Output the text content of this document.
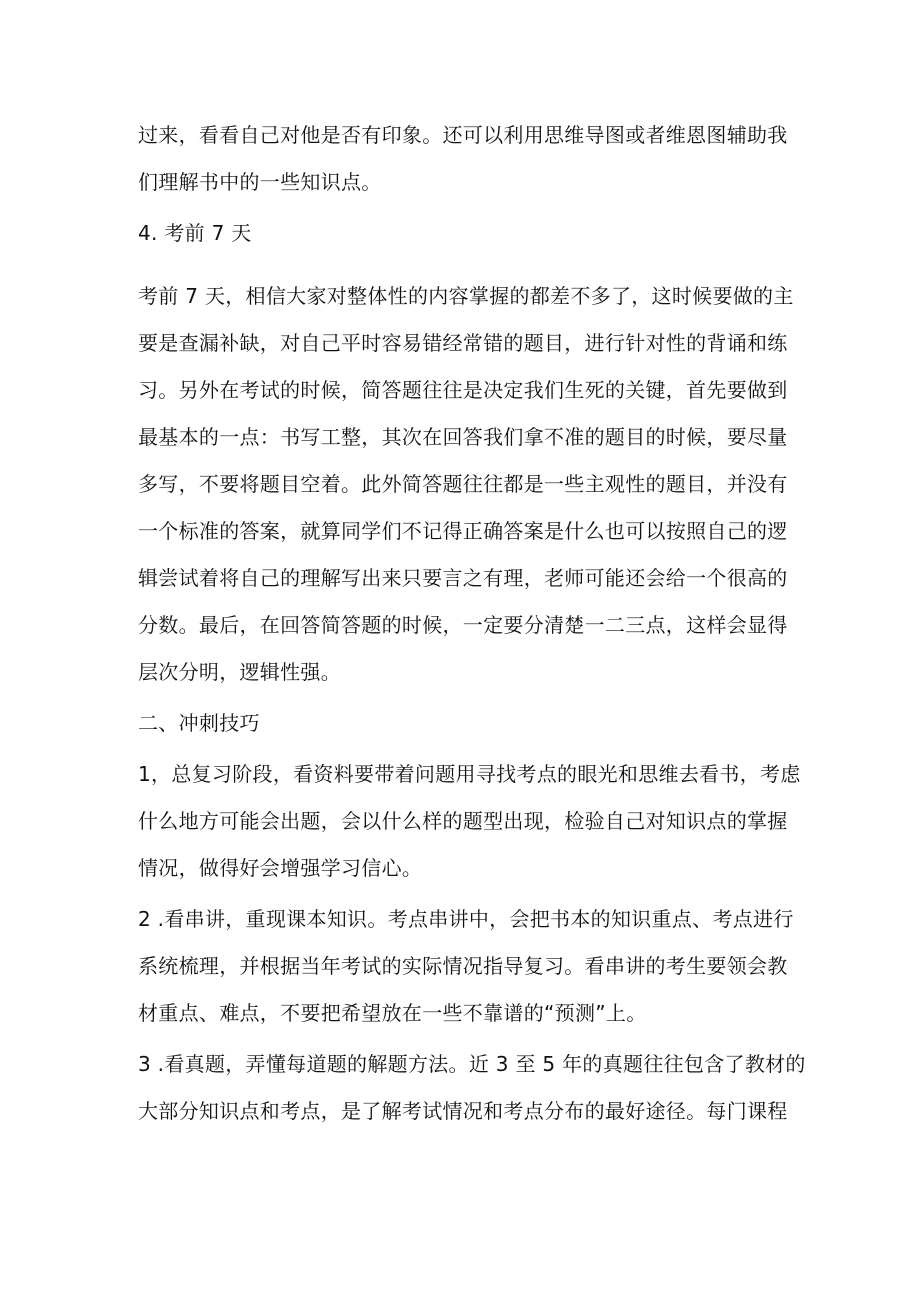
过来，看看自己对他是否有印象。还可以利用思维导图或者维恩图辅助我
们理解书中的一些知识点。
4. 考前 7 天
考前 7 天，相信大家对整体性的内容掌握的都差不多了，这时候要做的主
要是查漏补缺，对自己平时容易错经常错的题目，进行针对性的背诵和练
习。另外在考试的时候，简答题往往是决定我们生死的关键，首先要做到
最基本的一点：书写工整，其次在回答我们拿不准的题目的时候，要尽量
多写，不要将题目空着。此外简答题往往都是一些主观性的题目，并没有
一个标准的答案，就算同学们不记得正确答案是什么也可以按照自己的逻
辑尝试着将自己的理解写出来只要言之有理，老师可能还会给一个很高的
分数。最后，在回答简答题的时候，一定要分清楚一二三点，这样会显得
层次分明，逻辑性强。
二、冲刺技巧
1，总复习阶段，看资料要带着问题用寻找考点的眼光和思维去看书，考虑
什么地方可能会出题，会以什么样的题型出现，检验自己对知识点的掌握
情况，做得好会增强学习信心。
2 .看串讲，重现课本知识。考点串讲中，会把书本的知识重点、考点进行
系统梳理，并根据当年考试的实际情况指导复习。看串讲的考生要领会教
材重点、难点，不要把希望放在一些不靠谱的“预测”上。
3 .看真题，弄懂每道题的解题方法。近 3 至 5 年的真题往往包含了教材的
大部分知识点和考点，是了解考试情况和考点分布的最好途径。每门课程
